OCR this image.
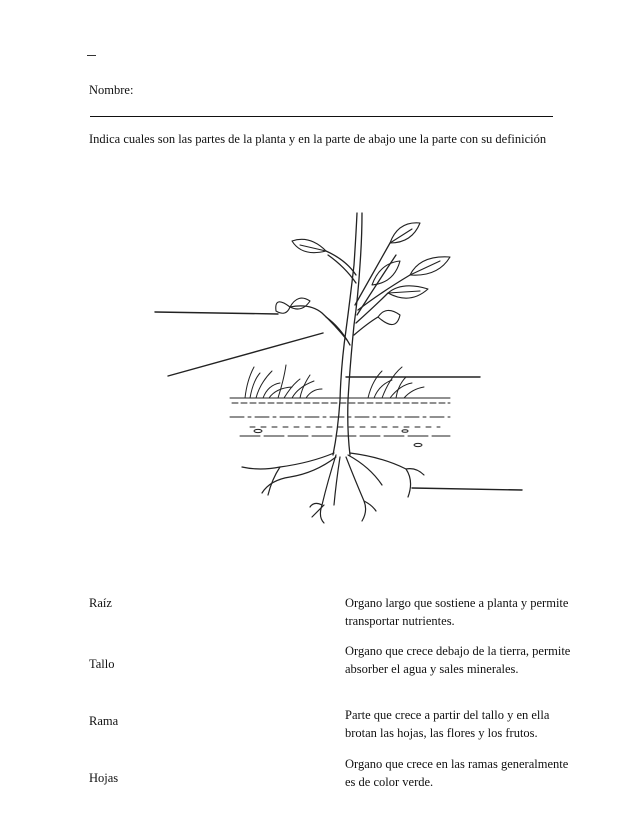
Nombre:
Indica cuales son las partes de la planta y en la parte de abajo une la parte con su definición
Raíz
Tallo
Rama
Hojas
Organo largo que sostiene a planta y permite transportar nutrientes.
Organo que crece debajo de la tierra, permite absorber el agua y sales minerales.
Parte que crece a partir del tallo y en ella brotan las hojas, las flores y los frutos.
Organo que crece en las ramas generalmente es de color verde.
